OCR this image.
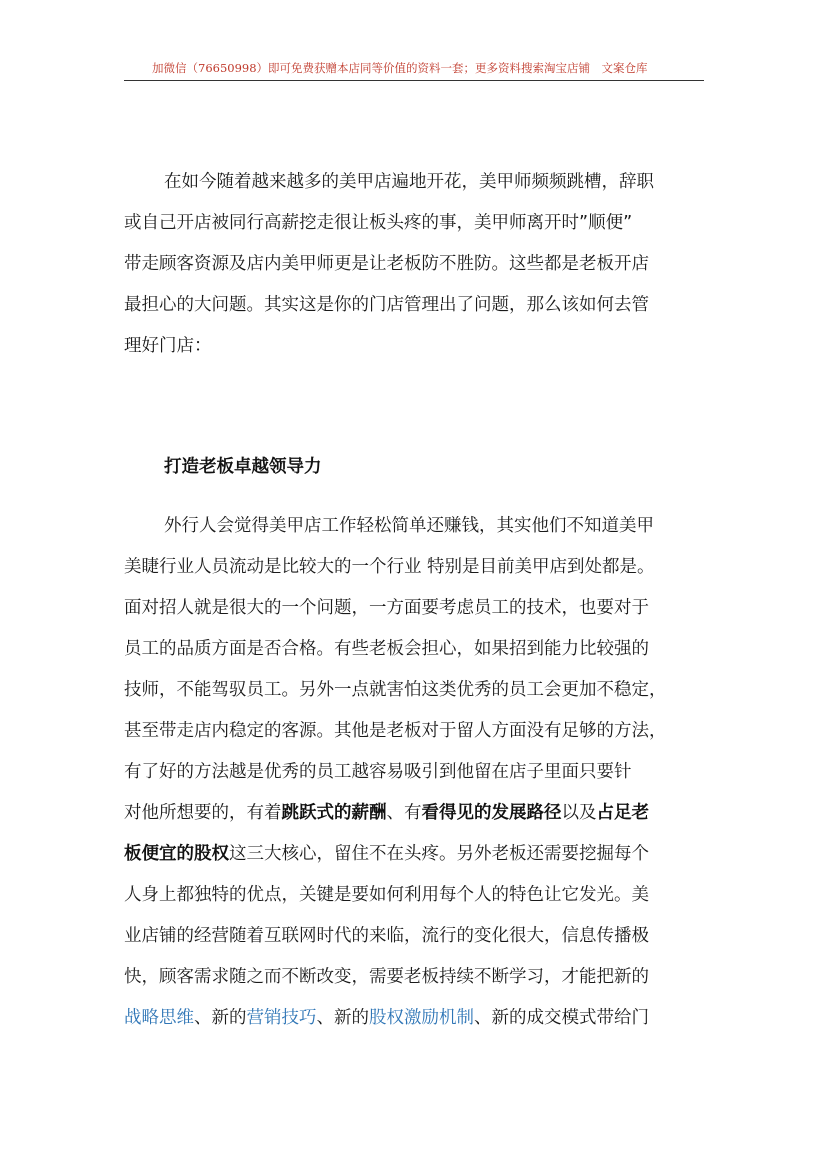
加微信（76650998）即可免费获赠本店同等价值的资料一套；更多资料搜索淘宝店铺　文案仓库
在如今随着越来越多的美甲店遍地开花，美甲师频频跳槽，辞职
或自己开店被同行高薪挖走很让板头疼的事，美甲师离开时”顺便”
带走顾客资源及店内美甲师更是让老板防不胜防。这些都是老板开店
最担心的大问题。其实这是你的门店管理出了问题，那么该如何去管
理好门店：
打造老板卓越领导力
外行人会觉得美甲店工作轻松简单还赚钱，其实他们不知道美甲
美睫行业人员流动是比较大的一个行业 特别是目前美甲店到处都是。
面对招人就是很大的一个问题，一方面要考虑员工的技术，也要对于
员工的品质方面是否合格。有些老板会担心，如果招到能力比较强的
技师，不能驾驭员工。另外一点就害怕这类优秀的员工会更加不稳定，
甚至带走店内稳定的客源。其他是老板对于留人方面没有足够的方法，
有了好的方法越是优秀的员工越容易吸引到他留在店子里面只要针
对他所想要的，有着跳跃式的薪酬、有看得见的发展路径以及占足老
板便宜的股权这三大核心，留住不在头疼。另外老板还需要挖掘每个
人身上都独特的优点，关键是要如何利用每个人的特色让它发光。美
业店铺的经营随着互联网时代的来临，流行的变化很大，信息传播极
快，顾客需求随之而不断改变，需要老板持续不断学习，才能把新的
战略思维、新的营销技巧、新的股权激励机制、新的成交模式带给门
